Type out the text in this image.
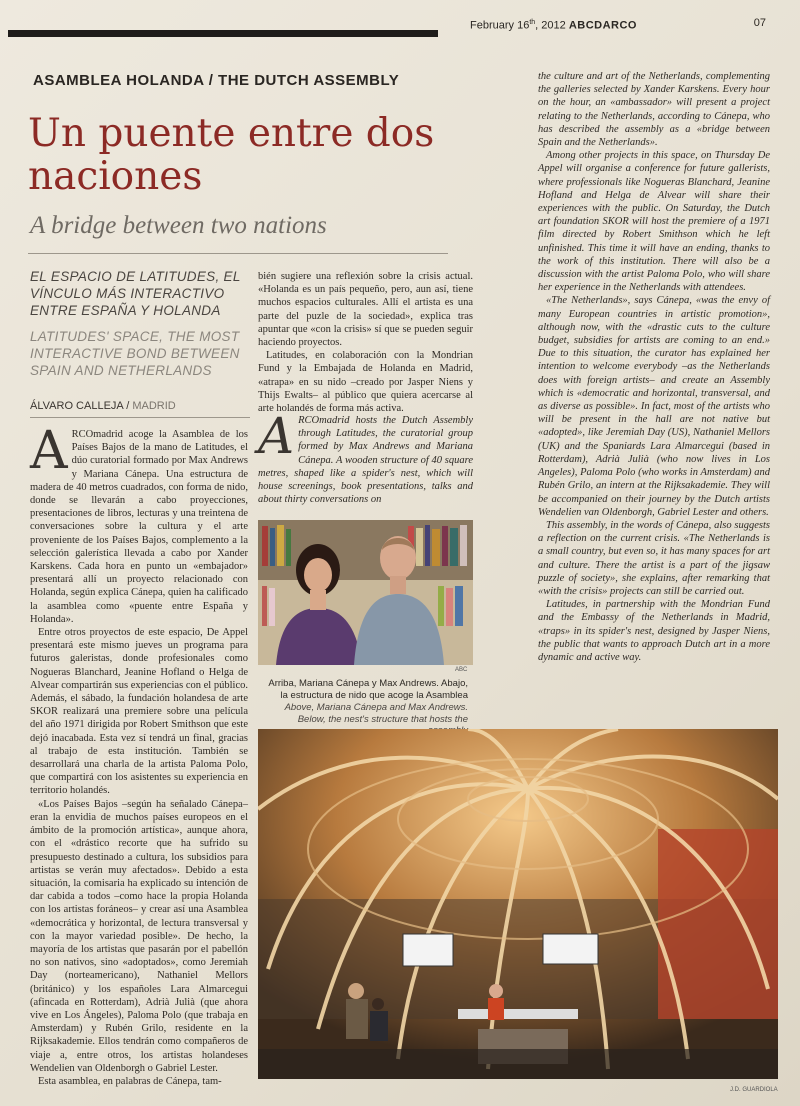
February 16th, 2012 ABCDARCO	07
ASAMBLEA HOLANDA / THE DUTCH ASSEMBLY
Un puente entre dos naciones
A bridge between two nations
EL ESPACIO DE LATITUDES, EL VÍNCULO MÁS INTERACTIVO ENTRE ESPAÑA Y HOLANDA
LATITUDES' SPACE, THE MOST INTERACTIVE BOND BETWEEN SPAIN AND NETHERLANDS
ÁLVARO CALLEJA / MADRID

A RCOmadrid acoge la Asamblea de los Países Bajos de la mano de Latitudes, el dúo curatorial formado por Max Andrews y Mariana Cánepa. Una estructura de madera de 40 metros cuadrados, con forma de nido, donde se llevarán a cabo proyecciones, presentaciones de libros, lecturas y una treintena de conversaciones sobre la cultura y el arte proveniente de los Países Bajos, complemento a la selección galerística llevada a cabo por Xander Karskens. Cada hora en punto un «embajador» presentará allí un proyecto relacionado con Holanda, según explica Cánepa, quien ha calificado la asamblea como «puente entre España y Holanda».

Entre otros proyectos de este espacio, De Appel presentará este mismo jueves un programa para futuros galeristas, donde profesionales como Nogueras Blanchard, Jeanine Hofland o Helga de Alvear compartirán sus experiencias con el público. Además, el sábado, la fundación holandesa de arte SKOR realizará una premiere sobre una película del año 1971 dirigida por Robert Smithson que este dejó inacabada. Esta vez sí tendrá un final, gracias al trabajo de esta institución. También se desarrollará una charla de la artista Paloma Polo, que compartirá con los asistentes su experiencia en territorio holandés.

«Los Países Bajos –según ha señalado Cánepa– eran la envidia de muchos países europeos en el ámbito de la promoción artística», aunque ahora, con el «drástico recorte que ha sufrido su presupuesto destinado a cultura, los subsidios para artistas se verán muy afectados». Debido a esta situación, la comisaria ha explicado su intención de dar cabida a todos –como hace la propia Holanda con los artistas foráneos– y crear así una Asamblea «democrática y horizontal, de lectura transversal y con la mayor variedad posible». De hecho, la mayoría de los artistas que pasarán por el pabellón no son nativos, sino «adoptados», como Jeremiah Day (norteamericano), Nathaniel Mellors (británico) y los españoles Lara Almarcegui (afincada en Rotterdam), Adrià Julià (que ahora vive en Los Ángeles), Paloma Polo (que trabaja en Amsterdam) y Rubén Grilo, residente en la Rijksakademie. Ellos tendrán como compañeros de viaje a, entre otros, los artistas holandeses Wendelien van Oldenborgh o Gabriel Lester.

Esta asamblea, en palabras de Cánepa, tam-

bién sugiere una reflexión sobre la crisis actual. «Holanda es un país pequeño, pero, aun así, tiene muchos espacios culturales. Allí el artista es una parte del puzle de la sociedad», explica tras apuntar que «con la crisis» sí que se pueden seguir haciendo proyectos.

Latitudes, en colaboración con la Mondrian Fund y la Embajada de Holanda en Madrid, «atrapa» en su nido –creado por Jasper Niens y Thijs Ewalts– al público que quiera acercarse al arte holandés de forma más activa.

A RCOmadrid hosts the Dutch Assembly through Latitudes, the curatorial group formed by Max Andrews and Mariana Cánepa. A wooden structure of 40 square metres, shaped like a spider's nest, which will house screenings, book presentations, talks and about thirty conversations on
ABC
Arriba, Mariana Cánepa y Max Andrews. Abajo, la estructura de nido que acoge la Asamblea
Above, Mariana Cánepa and Max Andrews. Below, the nest's structure that hosts the

the culture and art of the Netherlands, complementing the galleries selected by Xander Karskens. Every hour on the hour, an «ambassador» will present a project relating to the Netherlands, according to Cánepa, who has described the assembly as a «bridge between Spain and the Netherlands».

Among other projects in this space, on Thursday De Appel will organise a conference for future gallerists, where professionals like Nogueras Blanchard, Jeanine Hofland and Helga de Alvear will share their experiences with the public. On Saturday, the Dutch art foundation SKOR will host the premiere of a 1971 film directed by Robert Smithson which he left unfinished. This time it will have an ending, thanks to the work of this institution. There will also be a discussion with the artist Paloma Polo, who will share her experience in the Netherlands with attendees.

«The Netherlands», says Cánepa, «was the envy of many European countries in artistic promotion», although now, with the «drastic cuts to the culture budget, subsidies for artists are coming to an end.» Due to this situation, the curator has explained her intention to welcome everybody –as the Netherlands does with foreign artists– and create an Assembly which is «democratic and horizontal, transversal, and as diverse as possible». In fact, most of the artists who will be present in the hall are not native but «adopted», like Jeremiah Day (US), Nathaniel Mellors (UK) and the Spaniards Lara Almarcegui (based in Rotterdam), Adrià Julià (who now lives in Los Angeles), Paloma Polo (who works in Amsterdam) and Rubén Grilo, an intern at the Rijksakademie. They will be accompanied on their journey by the Dutch artists Wendelien van Oldenborgh, Gabriel Lester and others.

This assembly, in the words of Cánepa, also suggests a reflection on the current crisis. «The Netherlands is a small country, but even so, it has many spaces for art and culture. There the artist is a part of the jigsaw puzzle of society», she explains, after remarking that «with the crisis» projects can still be carried out.

Latitudes, in partnership with the Mondrian Fund and the Embassy of the Netherlands in Madrid, «traps» in its spider's nest, designed by Jasper Niens, the public that wants to approach Dutch art in a more dynamic and active way.

J.D. GUARDIOLA
